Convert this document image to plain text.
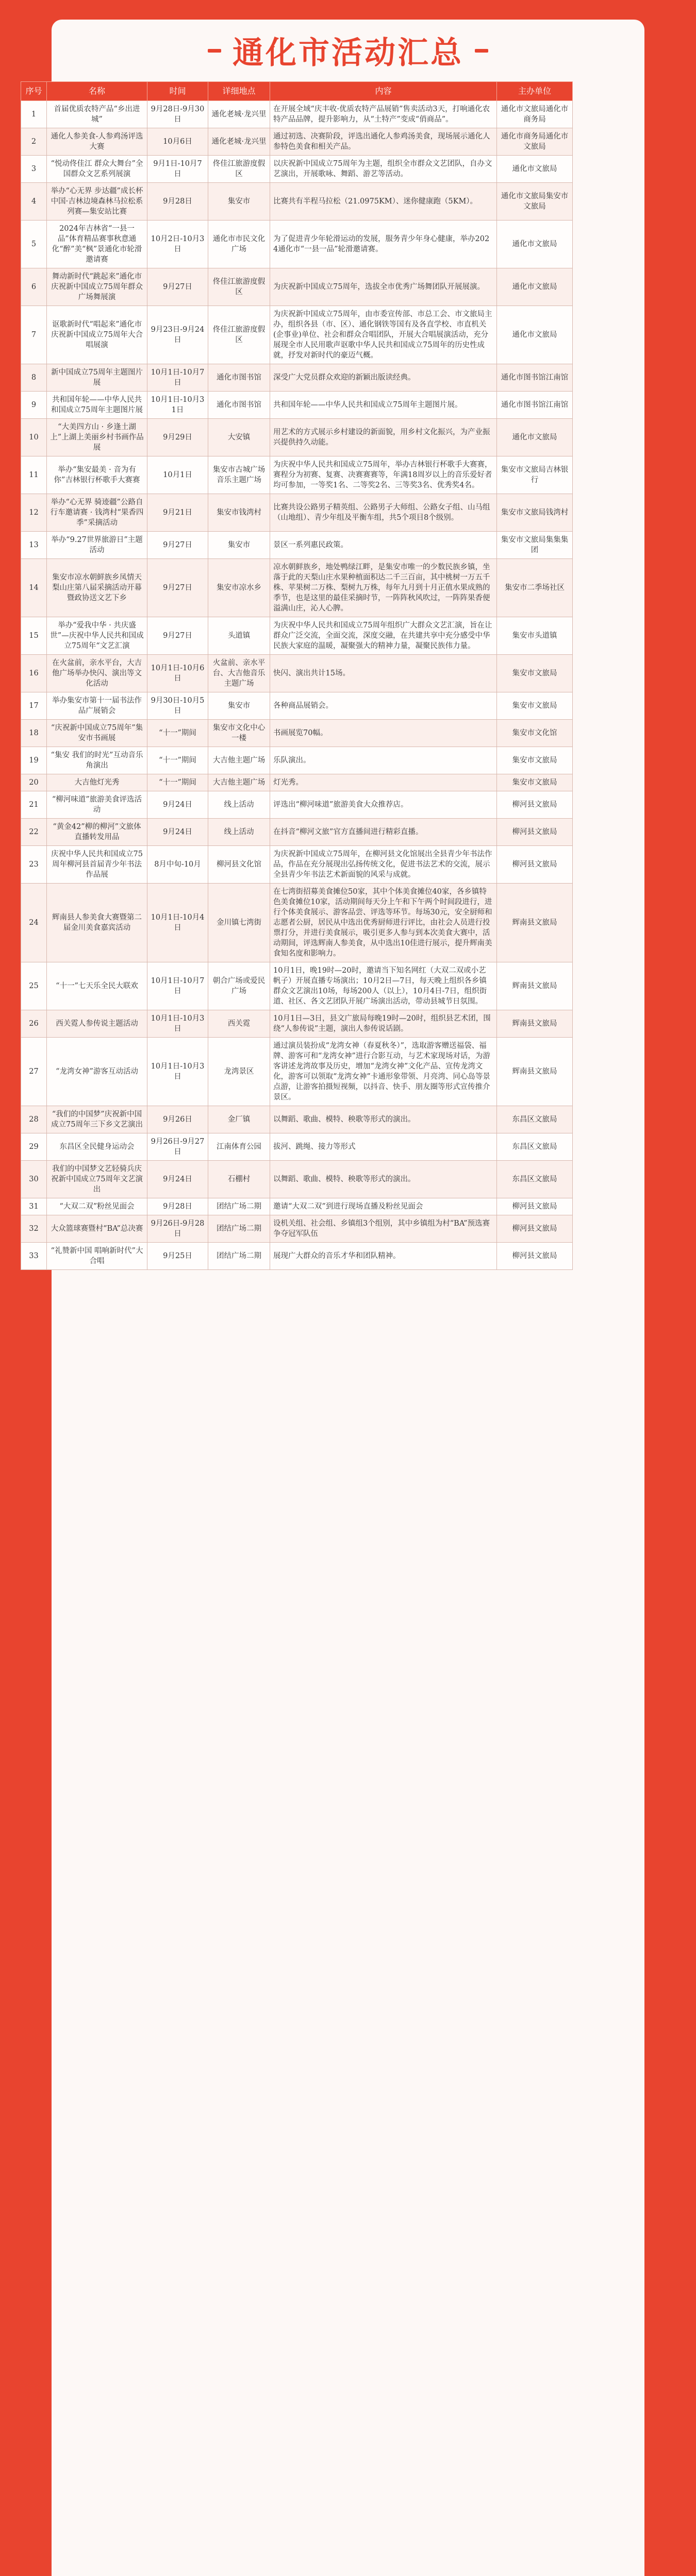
通化市活动汇总
序号	名称	时间	详细地点	内容	主办单位
1	首届优质农特产品“乡出进城”	9月28日-9月30日	通化老城·龙兴里	在开展全域“庆丰收·优质农特产品展销”售卖活动3天，打响通化农特产品品牌，提升影响力，从“土特产”变成“俏商品”。	通化市文旅局通化市商务局
2	通化人参美食-人参鸡汤评选大赛	10月6日	通化老城·龙兴里	通过初选、决赛阶段，评选出通化人参鸡汤美食，现场展示通化人参特色美食和相关产品。	通化市商务局通化市文旅局
3	“悦动佟佳江 群众大舞台”全国群众文艺系列展演	9月1日-10月7日	佟佳江旅游度假区	以庆祝新中国成立75周年为主题，组织全市群众文艺团队，自办文艺演出，开展歌咏、舞蹈、游艺等活动。	通化市文旅局
4	举办“心无界 步达疆”成长杯中国·吉林边境森林马拉松系列赛—集安站比赛	9月28日	集安市	比赛共有半程马拉松（21.0975KM）、迷你健康跑（5KM）。	通化市文旅局集安市文旅局
5	2024年吉林省“一县一品”体育精品赛事秋意通化“醉”美“枫”景通化市轮滑邀请赛	10月2日-10月3日	通化市市民文化广场	为了促进青少年轮滑运动的发展，服务青少年身心健康，举办2024通化市“一县一品”轮滑邀请赛。	通化市文旅局
6	舞动新时代“跳起来”通化市庆祝新中国成立75周年群众广场舞展演	9月27日	佟佳江旅游度假区	为庆祝新中国成立75周年，选拔全市优秀广场舞团队开展展演。	通化市文旅局
7	讴歌新时代“唱起来”通化市庆祝新中国成立75周年大合唱展演	9月23日-9月24日	佟佳江旅游度假区	为庆祝新中国成立75周年，由市委宣传部、市总工会、市文旅局主办，组织各县（市、区）、通化钢铁等国有及各直学校、市直机关(企事业)单位、社会和群众合唱团队，开展大合唱展演活动，充分展现全市人民用歌声讴歌中华人民共和国成立75周年的历史性成就，抒发对新时代的豪迈气概。	通化市文旅局
8	新中国成立75周年主题图片展	10月1日-10月7日	通化市图书馆	深受广大党员群众欢迎的新颖出版读经典。	通化市图书馆江南馆
9	共和国年轮——中华人民共和国成立75周年主题图片展	10月1日-10月31日	通化市图书馆	共和国年轮——中华人民共和国成立75周年主题图片展。	通化市图书馆江南馆
10	“大美四方山 · 乡逢土湖上”上湖上美丽乡村书画作品展	9月29日	大安镇	用艺术的方式展示乡村建设的新面貌，用乡村文化振兴，为产业振兴提供持久动能。	通化市文旅局
11	举办“集安最美 · 音为有你”吉林银行杯歌手大赛赛	10月1日	集安市古城广场音乐主题广场	为庆祝中华人民共和国成立75周年，举办吉林银行杯歌手大赛赛，赛程分为初赛、复赛、决赛赛赛等，年满18周岁以上的音乐爱好者均可参加，一等奖1名、二等奖2名、三等奖3名、优秀奖4名。	集安市文旅局吉林银行
12	举办“心无界 骑迹疆”公路自行车邀请赛 · 钱湾村“果香四季”采摘活动	9月21日	集安市钱湾村	比赛共设公路男子精英组、公路男子大师组、公路女子组、山马组（山地组）、青少年组及平衡车组，共5个项目8个级别。	集安市文旅局钱湾村
13	举办“9.27世界旅游日”主题活动	9月27日	集安市	景区一系列惠民政策。	集安市文旅局集集集团
14	集安市凉水朝鲜族乡凤情天梨山庄第八届采摘活动开幕暨政协送文艺下乡	9月27日	集安市凉水乡	凉水朝鲜族乡，地处鸭绿江畔，是集安市唯一的少数民族乡镇，坐落于此的天梨山庄水果种植面积达二千三百亩，其中桃树一万五千株、苹果树二万株、梨树九万株，每年九月到十月正值水果成熟的季节，也是这里的最佳采摘时节，一阵阵秋风吹过，一阵阵果香便溢满山庄，沁人心脾。	集安市二季场社区
15	举办“爱我中华 · 共庆盛世”—庆祝中华人民共和国成立75周年“文艺汇演	9月27日	头道镇	为庆祝中华人民共和国成立75周年组织广大群众文艺汇演，旨在让群众广泛交流，全面交流，深度交融，在共建共享中充分感受中华民族大家庭的温暖，凝聚强大的精神力量，凝聚民族伟力量。	集安市头道镇
16	在火盆前，亲水平台，大吉他广场举办快闪、演出等文化活动	10月1日-10月6日	火盆前、亲水平台、大吉他音乐主题广场	快闪、演出共计15场。	集安市文旅局
17	举办集安市第十一届书法作品广展销会	9月30日-10月5日	集安市	各种商品展销会。	集安市文旅局
18	“庆祝新中国成立75周年”集安市书画展	“十一”期间	集安市文化中心一楼	书画展览70幅。	集安市文化馆
19	“集安 我们的时光”互动音乐角演出	“十一”期间	大吉他主题广场	乐队演出。	集安市文旅局
20	大吉他灯光秀	“十一”期间	大吉他主题广场	灯光秀。	集安市文旅局
21	“柳河味道”旅游美食评选活动	9月24日	线上活动	评选出“柳河味道”旅游美食大众推荐店。	柳河县文旅局
22	“黄金42”柳的柳河”文旅体直播转发用品	9月24日	线上活动	在抖音“柳河文旅”官方直播间进行精彩直播。	柳河县文旅局
23	庆祝中华人民共和国成立75周年柳河县首届青少年书法作品展	8月中旬-10月	柳河县文化馆	为庆祝新中国成立75周年，在柳河县文化馆展出全县青少年书法作品，作品在充分展现出弘扬传统文化，促进书法艺术的交流，展示全县青少年书法艺术新面貌的风采与成就。	柳河县文旅局
24	辉南县人参美食大赛暨第二届金川美食嘉宾活动	10月1日-10月4日	金川镇七湾街	在七湾街招募美食摊位50家，其中个体美食摊位40家，各乡镇特色美食摊位10家，活动期间每天分上午和下午两个时间段进行，进行个体美食展示、游客品尝、评选等环节。每场30元，安全厨师和志愿者公厨，居民从中选出优秀厨师进行评比，由社会人员进行投票打分，并进行美食展示，吸引更多人参与到本次美食大赛中，活动期间，评选辉南人参美食，从中选出10佳进行展示，提升辉南美食知名度和影响力。	辉南县文旅局
25	“十一”七天乐全民大联欢	10月1日-10月7日	朝合广场或爱民广场	10月1日，晚19时—20时，邀请当下知名网红（大双二双或小艺帆子）开展直播专场演出；10月2日—7日，每天晚上组织各乡镇群众文艺演出10场，每场200人（以上），10月4日-7日，组织街道、社区、各文艺团队开展广场演出活动，带动县城节日氛围。	辉南县文旅局
26	西关霓人参传说主题活动	10月1日-10月3日	西关霓	10月1日—3日，县文广旅局每晚19时—20时，组织县艺术团，围绕“人参传说”主题，演出人参传说话剧。	辉南县文旅局
27	“龙湾女神”游客互动活动	10月1日-10月3日	龙湾景区	通过演员装扮成“龙湾女神（春夏秋冬）”，选取游客赠送福袋、福牌、游客可和“龙湾女神”进行合影互动，与艺术家现场对话，为游客讲述龙湾故事及历史，增加“龙湾女神”文化产品、宣传龙湾文化，游客可以领取“龙湾女神”卡通形象带领、月亮湾、同心岛等景点游，让游客拍摄短视频，以抖音、快手、朋友圈等形式宣传推介景区。	辉南县文旅局
28	“我们的中国梦”庆祝新中国成立75周年三下乡文艺演出	9月26日	金厂镇	以舞蹈、歌曲、模特、秧歌等形式的演出。	东昌区文旅局
29	东昌区全民健身运动会	9月26日-9月27日	江南体育公园	拔河、跳绳、接力等形式	东昌区文旅局
30	我们的中国梦文艺轻骑兵庆祝新中国成立75周年文艺演出	9月24日	石棚村	以舞蹈、歌曲、模特、秧歌等形式的演出。	东昌区文旅局
31	“大双二双”粉丝见面会	9月28日	团结广场二期	邀请“大双二双”到进行现场直播及粉丝见面会	柳河县文旅局
32	大众篮球赛暨村“BA”总决赛	9月26日-9月28日	团结广场二期	设机关组、社会组、乡镇组3个组别，其中乡镇组为村“BA”预选赛争夺冠军队伍	柳河县文旅局
33	“礼赞新中国 唱响新时代”大合唱	9月25日	团结广场二期	展现广大群众的音乐才华和团队精神。	柳河县文旅局
